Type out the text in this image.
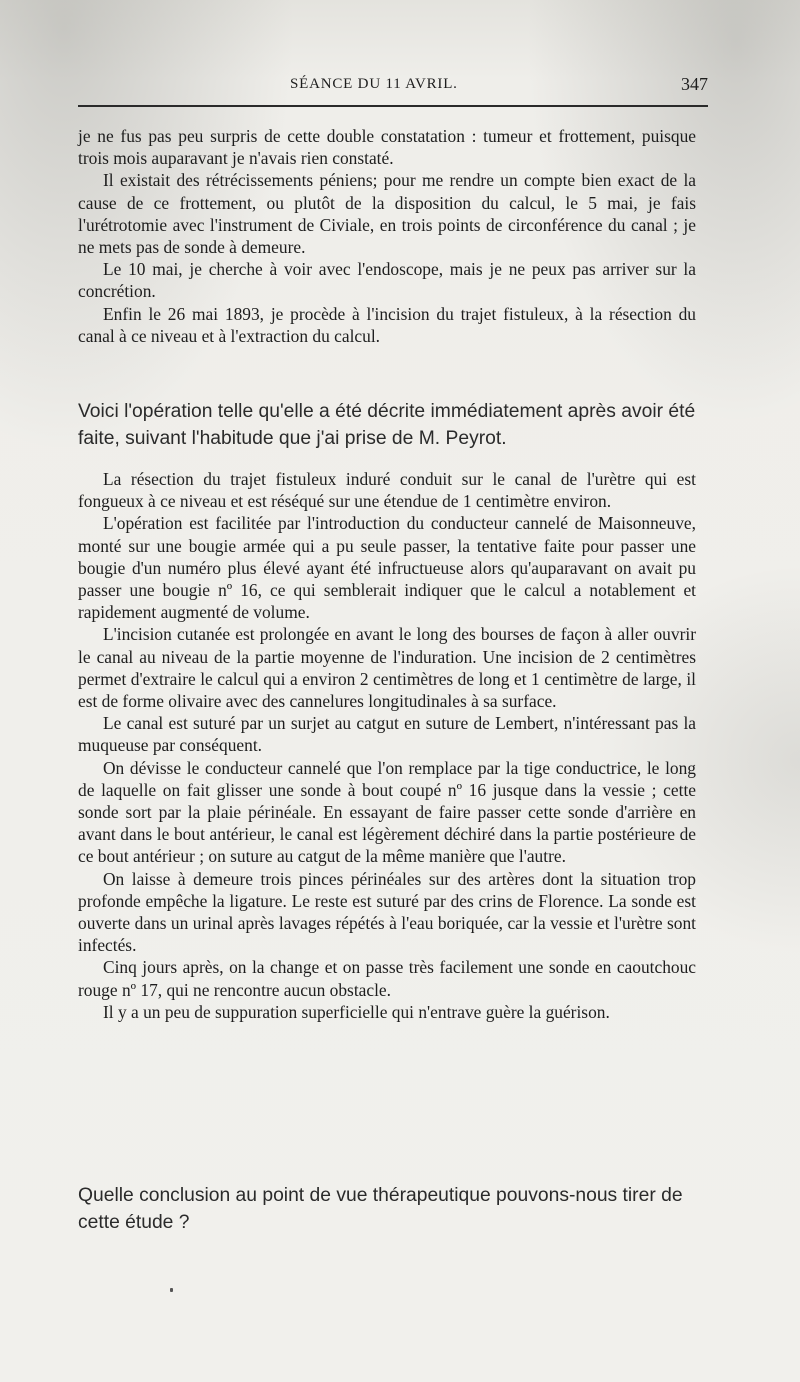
SÉANCE DU 11 AVRIL.	347

je ne fus pas peu surpris de cette double constatation : tumeur et frottement, puisque trois mois auparavant je n'avais rien constaté.

Il existait des rétrécissements péniens; pour me rendre un compte bien exact de la cause de ce frottement, ou plutôt de la disposition du calcul, le 5 mai, je fais l'urétrotomie avec l'instrument de Civiale, en trois points de circonférence du canal ; je ne mets pas de sonde à demeure.

Le 10 mai, je cherche à voir avec l'endoscope, mais je ne peux pas arriver sur la concrétion.

Enfin le 26 mai 1893, je procède à l'incision du trajet fistuleux, à la résection du canal à ce niveau et à l'extraction du calcul.

Voici l'opération telle qu'elle a été décrite immédiatement après avoir été faite, suivant l'habitude que j'ai prise de M. Peyrot.

La résection du trajet fistuleux induré conduit sur le canal de l'urètre qui est fongueux à ce niveau et est réséqué sur une étendue de 1 centimètre environ.

L'opération est facilitée par l'introduction du conducteur cannelé de Maisonneuve, monté sur une bougie armée qui a pu seule passer, la tentative faite pour passer une bougie d'un numéro plus élevé ayant été infructueuse alors qu'auparavant on avait pu passer une bougie nº 16, ce qui semblerait indiquer que le calcul a notablement et rapidement augmenté de volume.

L'incision cutanée est prolongée en avant le long des bourses de façon à aller ouvrir le canal au niveau de la partie moyenne de l'induration. Une incision de 2 centimètres permet d'extraire le calcul qui a environ 2 centimètres de long et 1 centimètre de large, il est de forme olivaire avec des cannelures longitudinales à sa surface.

Le canal est suturé par un surjet au catgut en suture de Lembert, n'intéressant pas la muqueuse par conséquent.

On dévisse le conducteur cannelé que l'on remplace par la tige conductrice, le long de laquelle on fait glisser une sonde à bout coupé nº 16 jusque dans la vessie ; cette sonde sort par la plaie périnéale. En essayant de faire passer cette sonde d'arrière en avant dans le bout antérieur, le canal est légèrement déchiré dans la partie postérieure de ce bout antérieur ; on suture au catgut de la même manière que l'autre.

On laisse à demeure trois pinces périnéales sur des artères dont la situation trop profonde empêche la ligature. Le reste est suturé par des crins de Florence. La sonde est ouverte dans un urinal après lavages répétés à l'eau boriquée, car la vessie et l'urètre sont infectés.

Cinq jours après, on la change et on passe très facilement une sonde en caoutchouc rouge nº 17, qui ne rencontre aucun obstacle.

Il y a un peu de suppuration superficielle qui n'entrave guère la guérison.

Quelle conclusion au point de vue thérapeutique pouvons-nous tirer de cette étude ?
